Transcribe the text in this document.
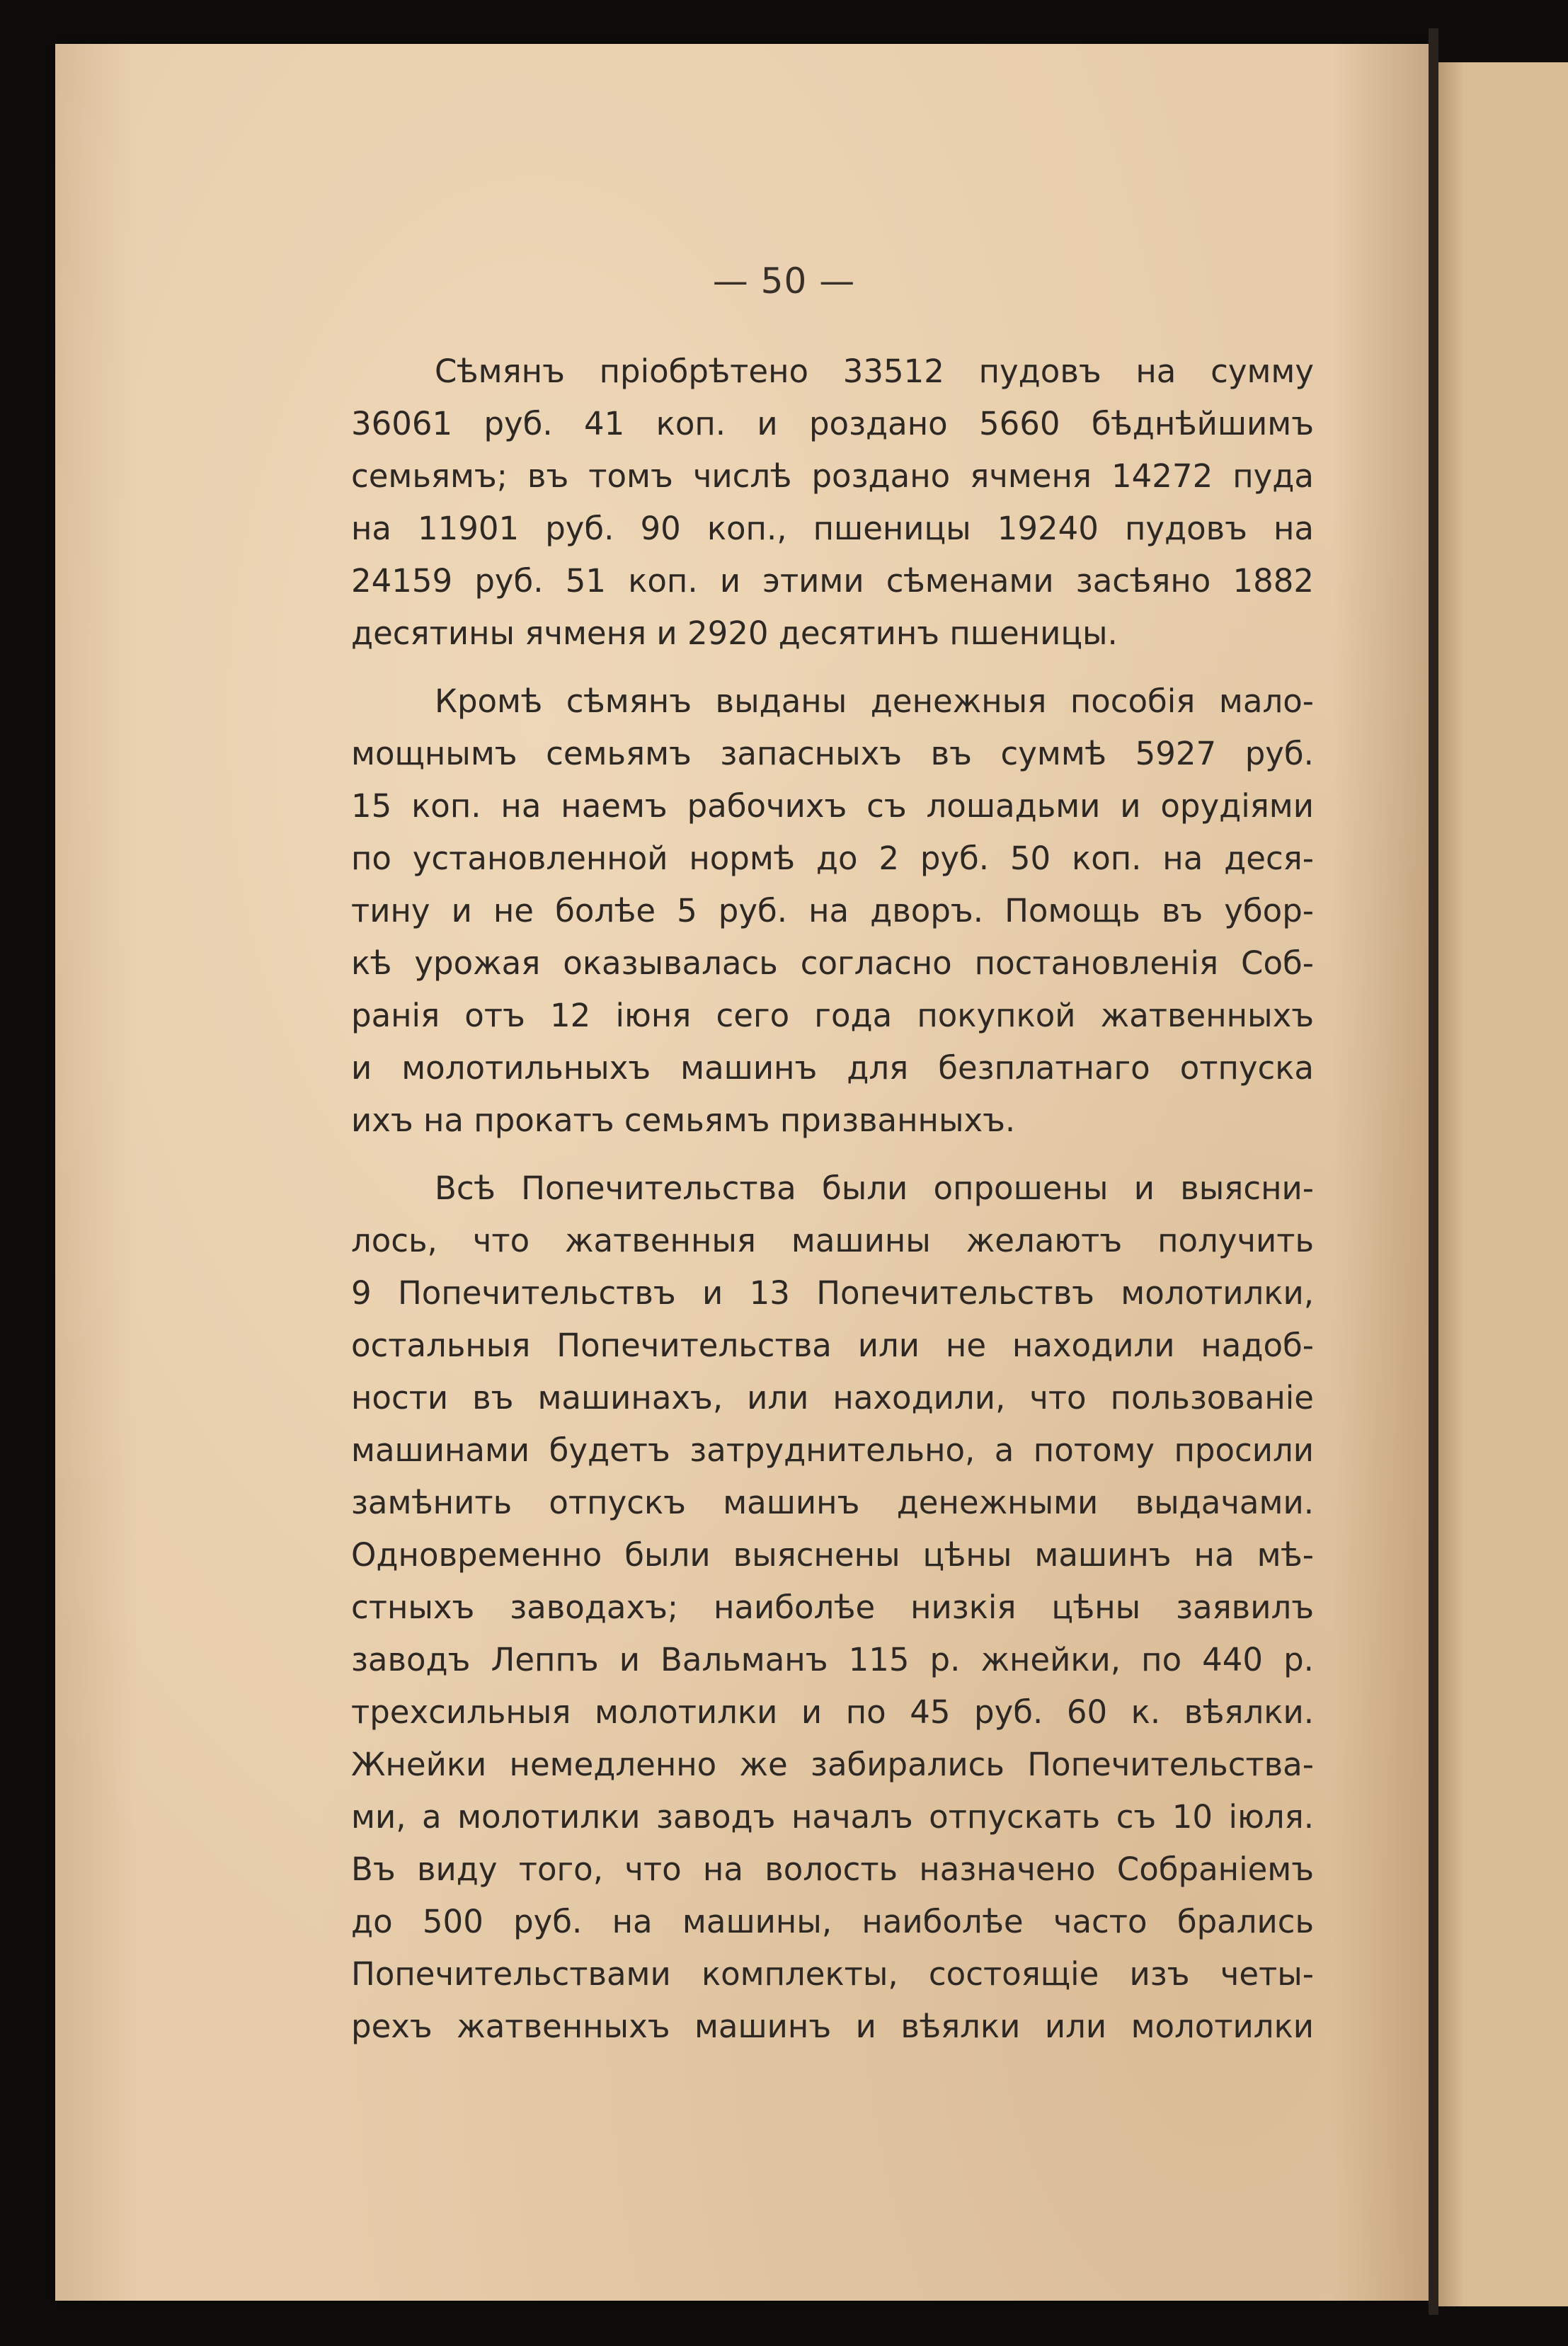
— 50 —
Сѣмянъ пріобрѣтено 33512 пудовъ на сумму
36061 руб. 41 коп. и роздано 5660 бѣднѣйшимъ
семьямъ; въ томъ числѣ роздано ячменя 14272 пуда
на 11901 руб. 90 коп., пшеницы 19240 пудовъ на
24159 руб. 51 коп. и этими сѣменами засѣяно 1882
десятины ячменя и 2920 десятинъ пшеницы.
Кромѣ сѣмянъ выданы денежныя пособія мало-
мощнымъ семьямъ запасныхъ въ суммѣ 5927 руб.
15 коп. на наемъ рабочихъ съ лошадьми и орудіями
по установленной нормѣ до 2 руб. 50 коп. на деся-
тину и не болѣе 5 руб. на дворъ. Помощь въ убор-
кѣ урожая оказывалась согласно постановленія Соб-
ранія отъ 12 іюня сего года покупкой жатвенныхъ
и молотильныхъ машинъ для безплатнаго отпуска
ихъ на прокатъ семьямъ призванныхъ.
Всѣ Попечительства были опрошены и выясни-
лось, что жатвенныя машины желаютъ получить
9 Попечительствъ и 13 Попечительствъ молотилки,
остальныя Попечительства или не находили надоб-
ности въ машинахъ, или находили, что пользованіе
машинами будетъ затруднительно, а потому просили
замѣнить отпускъ машинъ денежными выдачами.
Одновременно были выяснены цѣны машинъ на мѣ-
стныхъ заводахъ; наиболѣе низкія цѣны заявилъ
заводъ Леппъ и Вальманъ 115 р. жнейки, по 440 р.
трехсильныя молотилки и по 45 руб. 60 к. вѣялки.
Жнейки немедленно же забирались Попечительства-
ми, а молотилки заводъ началъ отпускать съ 10 іюля.
Въ виду того, что на волость назначено Собраніемъ
до 500 руб. на машины, наиболѣе часто брались
Попечительствами комплекты, состоящіе изъ четы-
рехъ жатвенныхъ машинъ и вѣялки или молотилки
